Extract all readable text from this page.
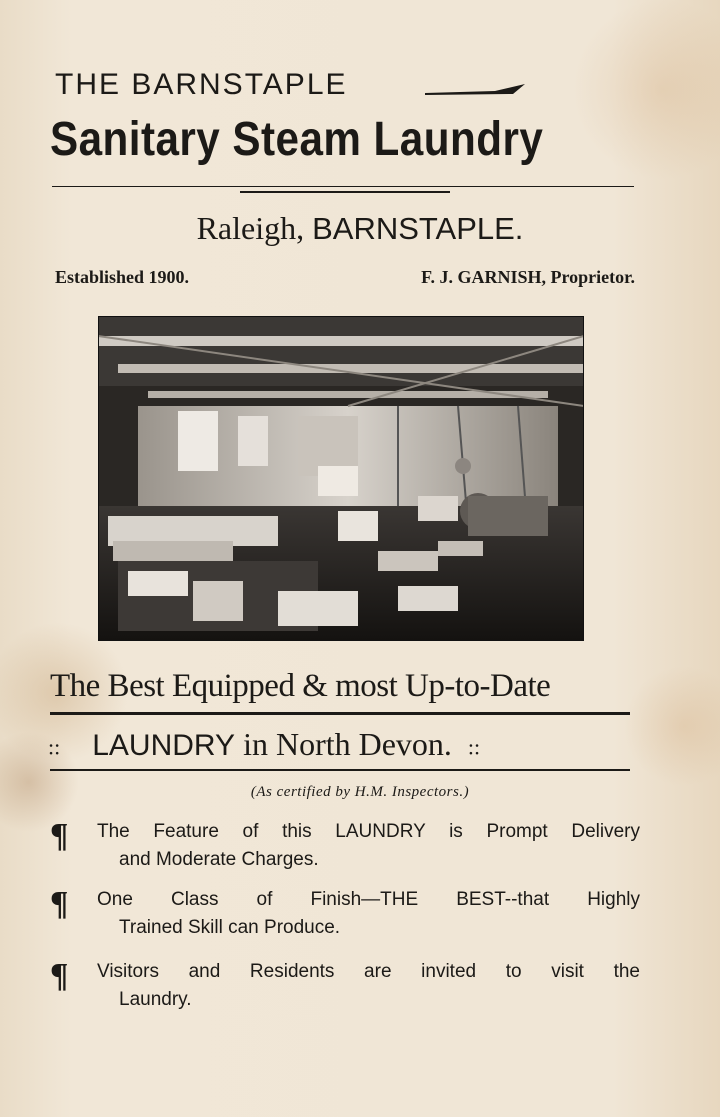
THE BARNSTAPLE
Sanitary Steam Laundry
Raleigh, BARNSTAPLE.
Established 1900.	F. J. GARNISH, Proprietor.
The Best Equipped & most Up-to-Date
:: LAUNDRY in North Devon. ::
(As certified by H.M. Inspectors.)
¶ The Feature of this LAUNDRY is Prompt Delivery
and Moderate Charges.
¶ One Class of Finish—THE BEST--that Highly
Trained Skill can Produce.
¶ Visitors and Residents are invited to visit the
Laundry.
